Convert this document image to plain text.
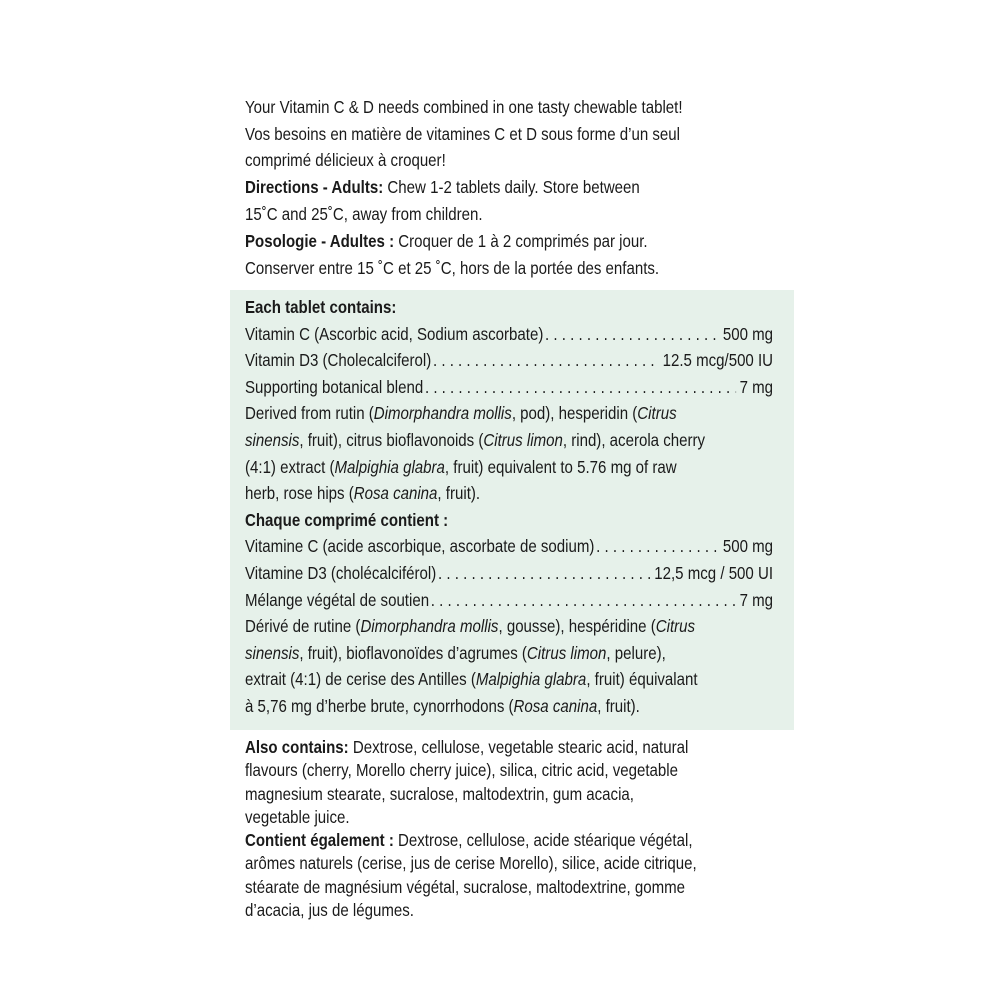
Your Vitamin C & D needs combined in one tasty chewable tablet!
Vos besoins en matière de vitamines C et D sous forme d’un seul
comprimé délicieux à croquer!
Directions - Adults: Chew 1-2 tablets daily. Store between
15˚C and 25˚C, away from children.
Posologie - Adultes : Croquer de 1 à 2 comprimés par jour.
Conserver entre 15 ˚C et 25 ˚C, hors de la portée des enfants.
Each tablet contains:
Vitamin C (Ascorbic acid, Sodium ascorbate) . . .	500 mg
Vitamin D3 (Cholecalciferol) . . .	12.5 mcg/500 IU
Supporting botanical blend . . .	7 mg
Derived from rutin (Dimorphandra mollis, pod), hesperidin (Citrus
sinensis, fruit), citrus bioflavonoids (Citrus limon, rind), acerola cherry
(4:1) extract (Malpighia glabra, fruit) equivalent to 5.76 mg of raw
herb, rose hips (Rosa canina, fruit).
Chaque comprimé contient :
Vitamine C (acide ascorbique, ascorbate de sodium) . . .	500 mg
Vitamine D3 (cholécalciférol) . . .	12,5 mcg / 500 UI
Mélange végétal de soutien . . .	7 mg
Dérivé de rutine (Dimorphandra mollis, gousse), hespéridine (Citrus
sinensis, fruit), bioflavonoïdes d’agrumes (Citrus limon, pelure),
extrait (4:1) de cerise des Antilles (Malpighia glabra, fruit) équivalant
à 5,76 mg d’herbe brute, cynorrhodons (Rosa canina, fruit).
Also contains: Dextrose, cellulose, vegetable stearic acid, natural
flavours (cherry, Morello cherry juice), silica, citric acid, vegetable
magnesium stearate, sucralose, maltodextrin, gum acacia,
vegetable juice.
Contient également : Dextrose, cellulose, acide stéarique végétal,
arômes naturels (cerise, jus de cerise Morello), silice, acide citrique,
stéarate de magnésium végétal, sucralose, maltodextrine, gomme
d’acacia, jus de légumes.
